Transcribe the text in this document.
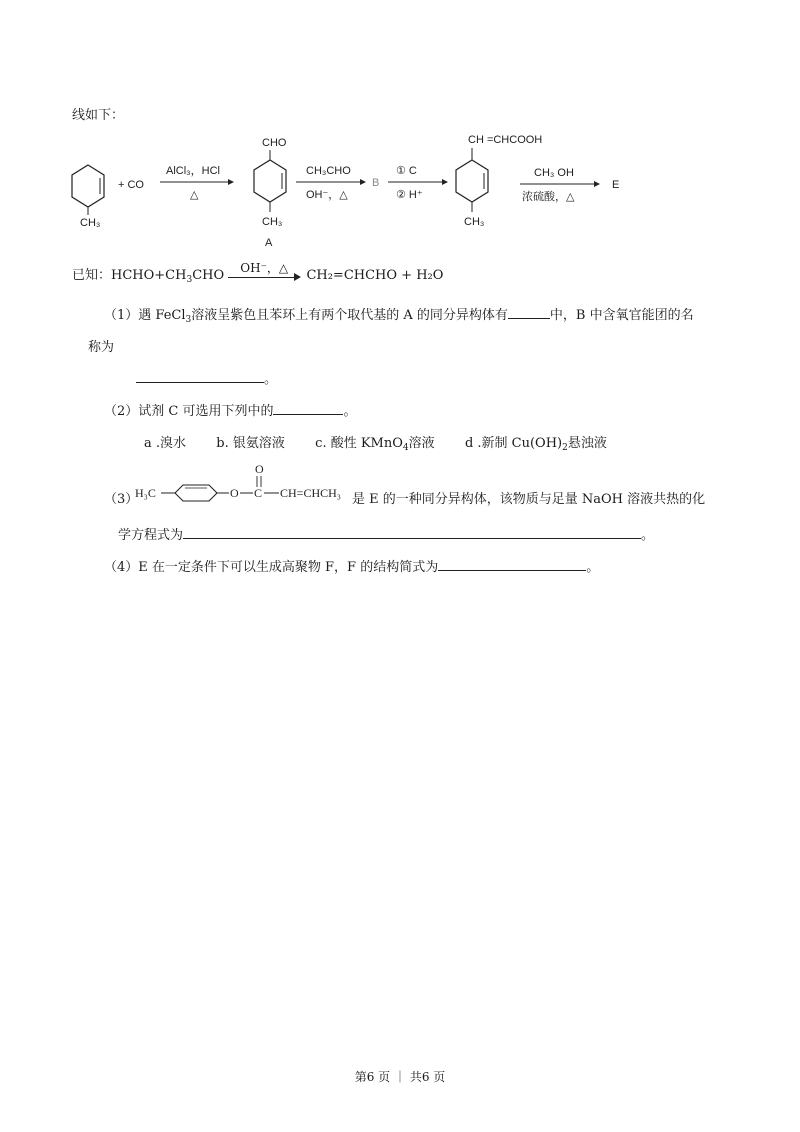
线如下：
CH₃
+ CO
AlCl₃，HCl
△
CHO
CH₃
A
CH₃CHO
OH⁻，△
B
① C
② H⁺
CH =CHCOOH
CH₃
CH₃ OH
浓硫酸，△
E
已知：$HCHO+CH_3CHO$ OH⁻，△ CH₂=CHCHO + H₂O
（1）遇 FeCl$_3$溶液呈紫色且苯环上有两个取代基的 A 的同分异构体有	中，B 中含氧官能团的名
称为
。
（2）试剂 C 可选用下列中的	。
a .溴水 b. 银氨溶液 c. 酸性 KMnO$_4$溶液 d .新制 $Cu(OH)_2$悬浊液
（3）
H₃C	O C
O
CH=CHCH₃ 是 E 的一种同分异构体，该物质与足量 NaOH 溶液共热的化
学方程式为	。
（4）E 在一定条件下可以生成高聚物 F，F 的结构简式为	。
第6 页 ｜ 共6 页
